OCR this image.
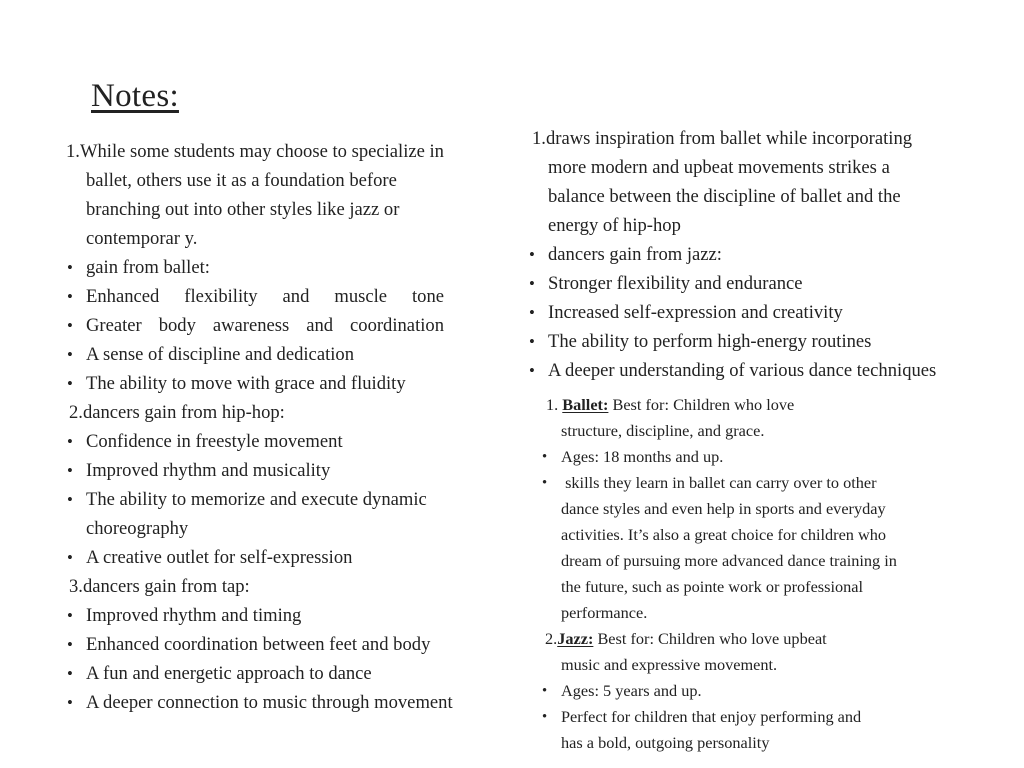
Notes:
1.While some students may choose to specialize in
ballet, others use it as a foundation before branching out into other styles like jazz or contemporar y.
• gain from ballet:
• Enhanced flexibility and muscle tone
• Greater body awareness and coordination
• A sense of discipline and dedication
• The ability to move with grace and fluidity
2.dancers gain from hip-hop:
• Confidence in freestyle movement
• Improved rhythm and musicality
• The ability to memorize and execute dynamic choreography
• A creative outlet for self-expression
3.dancers gain from tap:
• Improved rhythm and timing
• Enhanced coordination between feet and body
• A fun and energetic approach to dance
• A deeper connection to music through movement
1.draws inspiration from ballet while incorporating
more modern and upbeat movements strikes a balance between the discipline of ballet and the energy of hip-hop
• dancers gain from jazz:
• Stronger flexibility and endurance
• Increased self-expression and creativity
• The ability to perform high-energy routines
• A deeper understanding of various dance techniques
1. Ballet: Best for: Children who love
structure, discipline, and grace.
• Ages: 18 months and up.
•  skills they learn in ballet can carry over to other dance styles and even help in sports and everyday activities. It’s also a great choice for children who dream of pursuing more advanced dance training in the future, such as pointe work or professional performance.
2.Jazz: Best for: Children who love upbeat
music and expressive movement.
• Ages: 5 years and up.
• Perfect for children that enjoy performing and has a bold, outgoing personality
